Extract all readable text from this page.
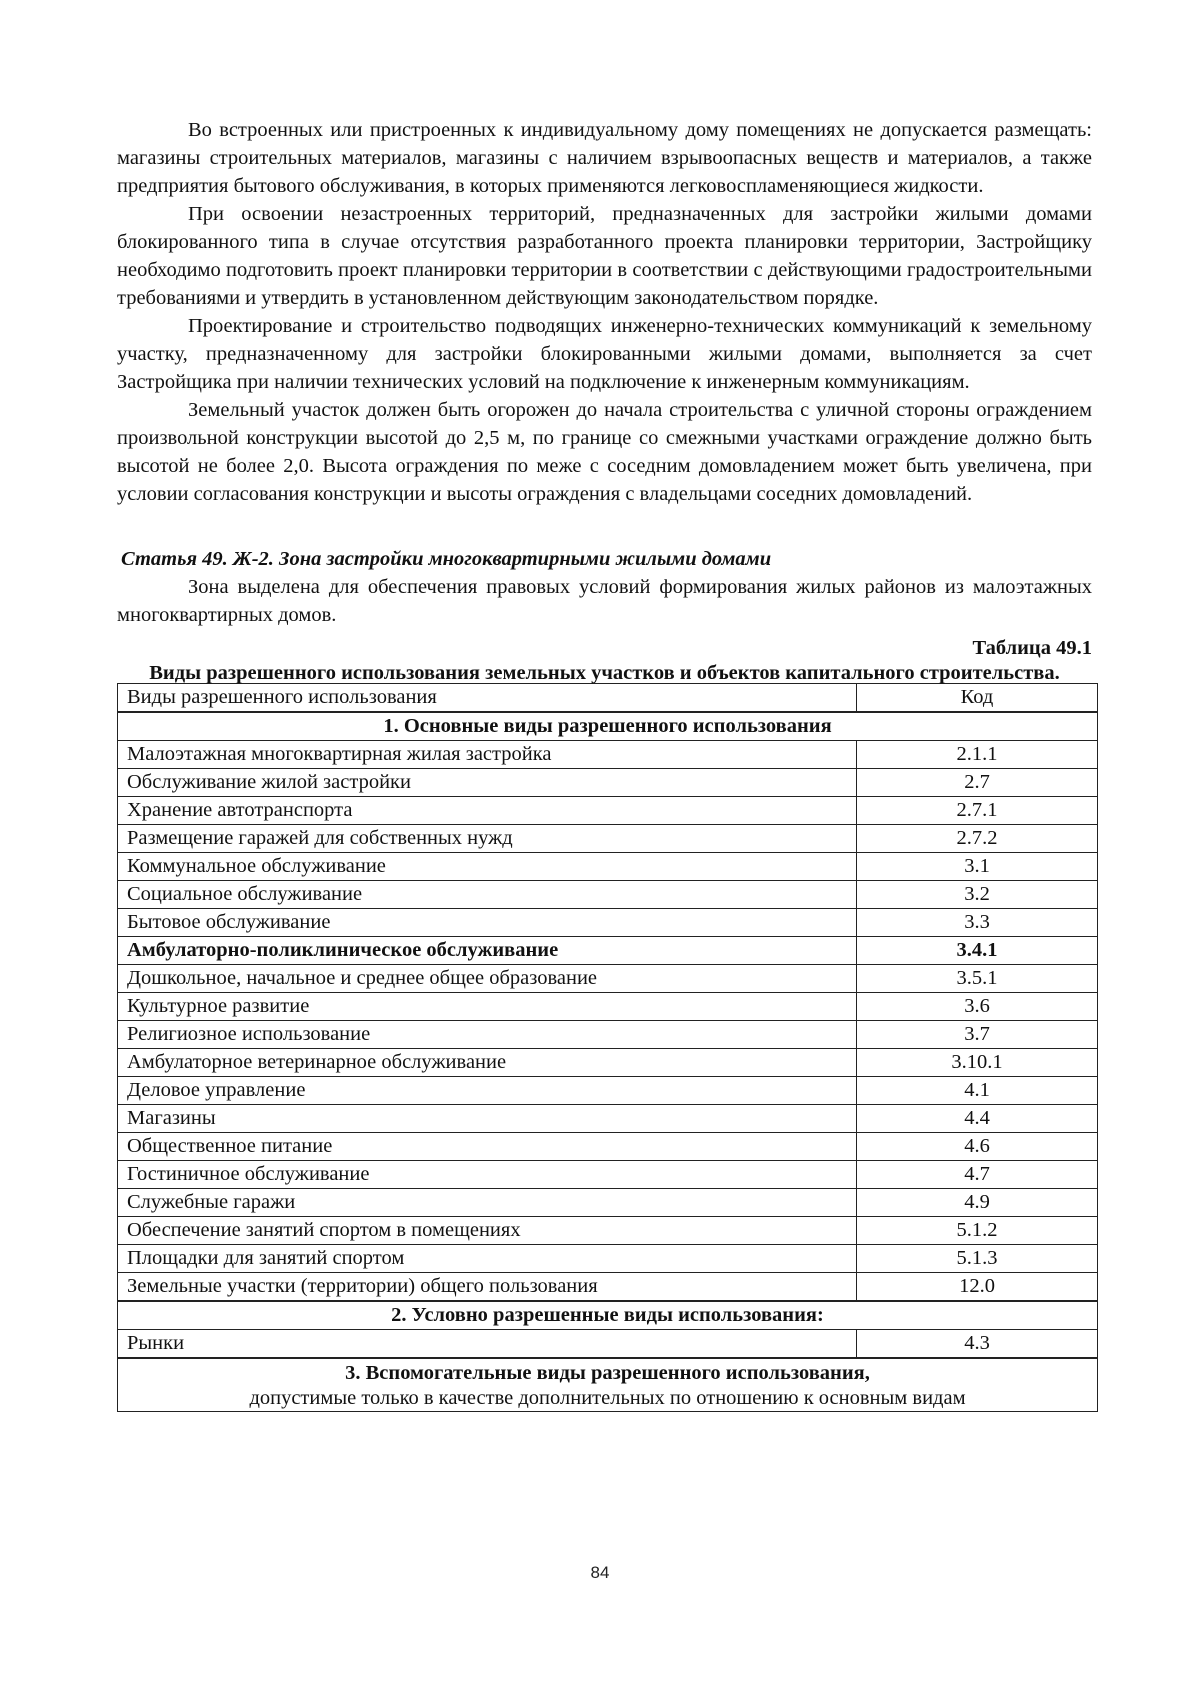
Во встроенных или пристроенных к индивидуальному дому помещениях не допускается размещать: магазины строительных материалов, магазины с наличием взрывоопасных веществ и материалов, а также предприятия бытового обслуживания, в которых применяются легковоспламеняющиеся жидкости.

При освоении незастроенных территорий, предназначенных для застройки жилыми домами блокированного типа в случае отсутствия разработанного проекта планировки территории, Застройщику необходимо подготовить проект планировки территории в соответствии с действующими градостроительными требованиями и утвердить в установленном действующим законодательством порядке.

Проектирование и строительство подводящих инженерно-технических коммуникаций к земельному участку, предназначенному для застройки блокированными жилыми домами, выполняется за счет Застройщика при наличии технических условий на подключение к инженерным коммуникациям.

Земельный участок должен быть огорожен до начала строительства с уличной стороны ограждением произвольной конструкции высотой до 2,5 м, по границе со смежными участками ограждение должно быть высотой не более 2,0. Высота ограждения по меже с соседним домовладением может быть увеличена, при условии согласования конструкции и высоты ограждения с владельцами соседних домовладений.

Статья 49. Ж-2. Зона застройки многоквартирными жилыми домами

Зона выделена для обеспечения правовых условий формирования жилых районов из малоэтажных многоквартирных домов.

Таблица 49.1
Виды разрешенного использования земельных участков и объектов капитального строительства.
Виды разрешенного использования	Код
1. Основные виды разрешенного использования	
Малоэтажная многоквартирная жилая застройка	2.1.1
Обслуживание жилой застройки	2.7
Хранение автотранспорта	2.7.1
Размещение гаражей для собственных нужд	2.7.2
Коммунальное обслуживание	3.1
Социальное обслуживание	3.2
Бытовое обслуживание	3.3
Амбулаторно-поликлиническое обслуживание	3.4.1
Дошкольное, начальное и среднее общее образование	3.5.1
Культурное развитие	3.6
Религиозное использование	3.7
Амбулаторное ветеринарное обслуживание	3.10.1
Деловое управление	4.1
Магазины	4.4
Общественное питание	4.6
Гостиничное обслуживание	4.7
Служебные гаражи	4.9
Обеспечение занятий спортом в помещениях	5.1.2
Площадки для занятий спортом	5.1.3
Земельные участки (территории) общего пользования	12.0
2. Условно разрешенные виды использования:	
Рынки	4.3

3. Вспомогательные виды разрешенного использования,
допустимые только в качестве дополнительных по отношению к основным видам	
84
